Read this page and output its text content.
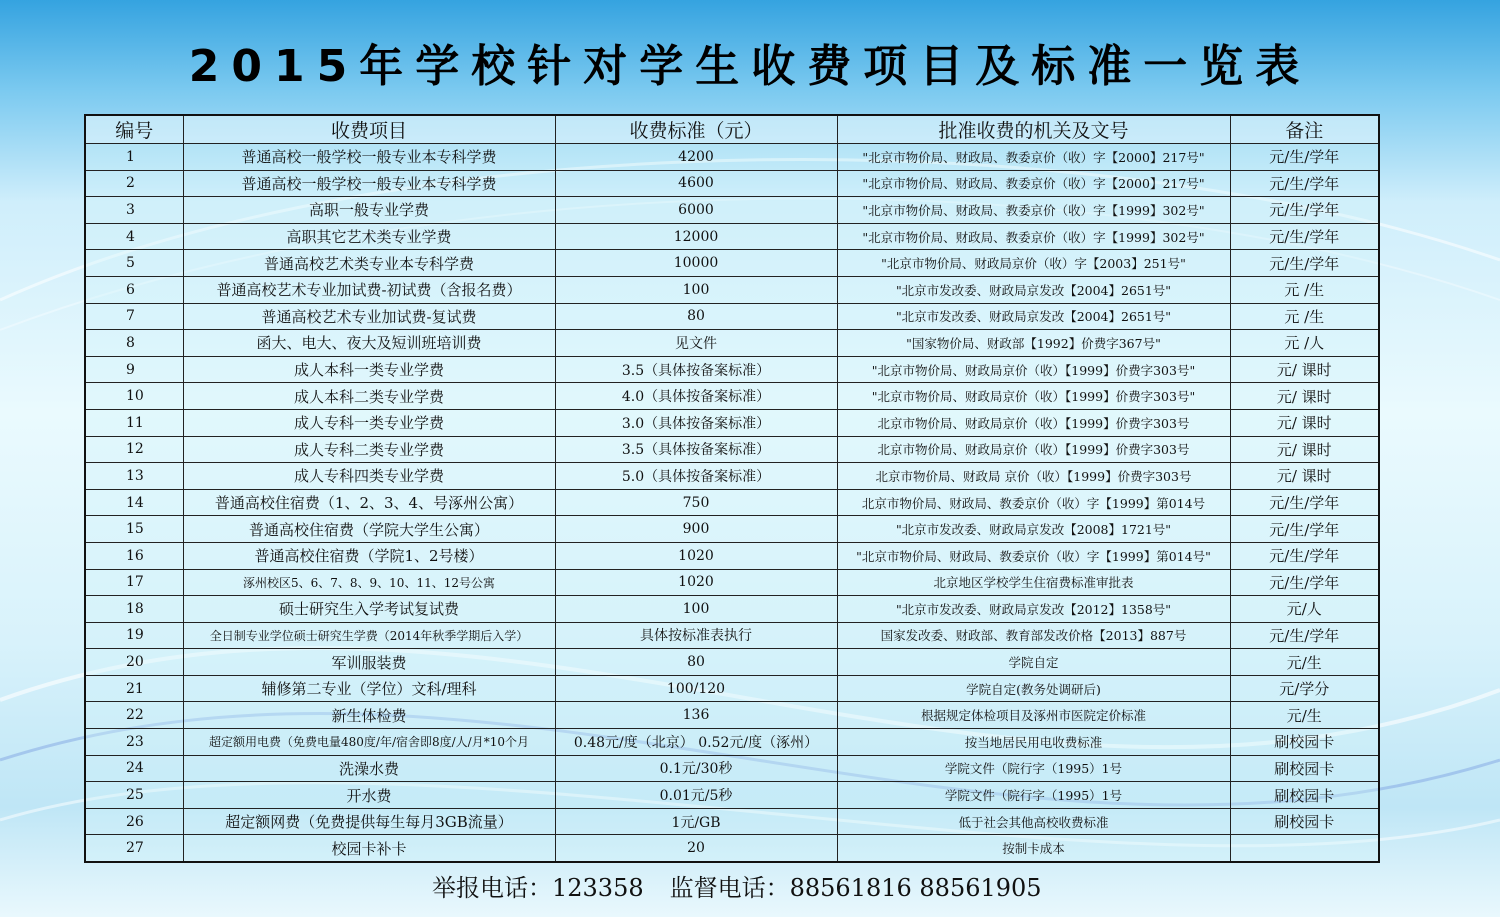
2015年学校针对学生收费项目及标准一览表
编号	收费项目	收费标准（元）	批准收费的机关及文号	备注
1	普通高校一般学校一般专业本专科学费	4200	"北京市物价局、财政局、教委京价（收）字【2000】217号"	元/生/学年
2	普通高校一般学校一般专业本专科学费	4600	"北京市物价局、财政局、教委京价（收）字【2000】217号"	元/生/学年
3	高职一般专业学费	6000	"北京市物价局、财政局、教委京价（收）字【1999】302号"	元/生/学年
4	高职其它艺术类专业学费	12000	"北京市物价局、财政局、教委京价（收）字【1999】302号"	元/生/学年
5	普通高校艺术类专业本专科学费	10000	"北京市物价局、财政局京价（收）字【2003】251号"	元/生/学年
6	普通高校艺术专业加试费-初试费（含报名费）	100	"北京市发改委、财政局京发改【2004】2651号"	元 /生
7	普通高校艺术专业加试费-复试费	80	"北京市发改委、财政局京发改【2004】2651号"	元 /生
8	函大、电大、夜大及短训班培训费	见文件	"国家物价局、财政部【1992】价费字367号"	元 /人
9	成人本科一类专业学费	3.5（具体按备案标准）	"北京市物价局、财政局京价（收）【1999】价费字303号"	元/ 课时
10	成人本科二类专业学费	4.0（具体按备案标准）	"北京市物价局、财政局京价（收）【1999】价费字303号"	元/ 课时
11	成人专科一类专业学费	3.0（具体按备案标准）	北京市物价局、财政局京价（收）【1999】价费字303号	元/ 课时
12	成人专科二类专业学费	3.5（具体按备案标准）	北京市物价局、财政局京价（收）【1999】价费字303号	元/ 课时
13	成人专科四类专业学费	5.0（具体按备案标准）	北京市物价局、财政局 京价（收）【1999】价费字303号	元/ 课时
14	普通高校住宿费（1、2、3、4、号涿州公寓）	750	北京市物价局、财政局、教委京价（收）字【1999】第014号	元/生/学年
15	普通高校住宿费（学院大学生公寓）	900	"北京市发改委、财政局京发改【2008】1721号"	元/生/学年
16	普通高校住宿费（学院1、2号楼）	1020	"北京市物价局、财政局、教委京价（收）字【1999】第014号"	元/生/学年
17	涿州校区5、6、7、8、9、10、11、12号公寓	1020	北京地区学校学生住宿费标准审批表	元/生/学年
18	硕士研究生入学考试复试费	100	"北京市发改委、财政局京发改【2012】1358号"	元/人
19	全日制专业学位硕士研究生学费（2014年秋季学期后入学）	具体按标准表执行	国家发改委、财政部、教育部发改价格【2013】887号	元/生/学年
20	军训服装费	80	学院自定	元/生
21	辅修第二专业（学位）文科/理科	100/120	学院自定(教务处调研后)	元/学分
22	新生体检费	136	根据规定体检项目及涿州市医院定价标准	元/生
23	超定额用电费（免费电量480度/年/宿舍即8度/人/月*10个月	0.48元/度（北京） 0.52元/度（涿州）	按当地居民用电收费标准	刷校园卡
24	洗澡水费	0.1元/30秒	学院文件（院行字（1995）1号	刷校园卡
25	开水费	0.01元/5秒	学院文件（院行字（1995）1号	刷校园卡
26	超定额网费（免费提供每生每月3GB流量）	1元/GB	低于社会其他高校收费标准	刷校园卡
27	校园卡补卡	20	按制卡成本	
举报电话：123358 监督电话：88561816 88561905
